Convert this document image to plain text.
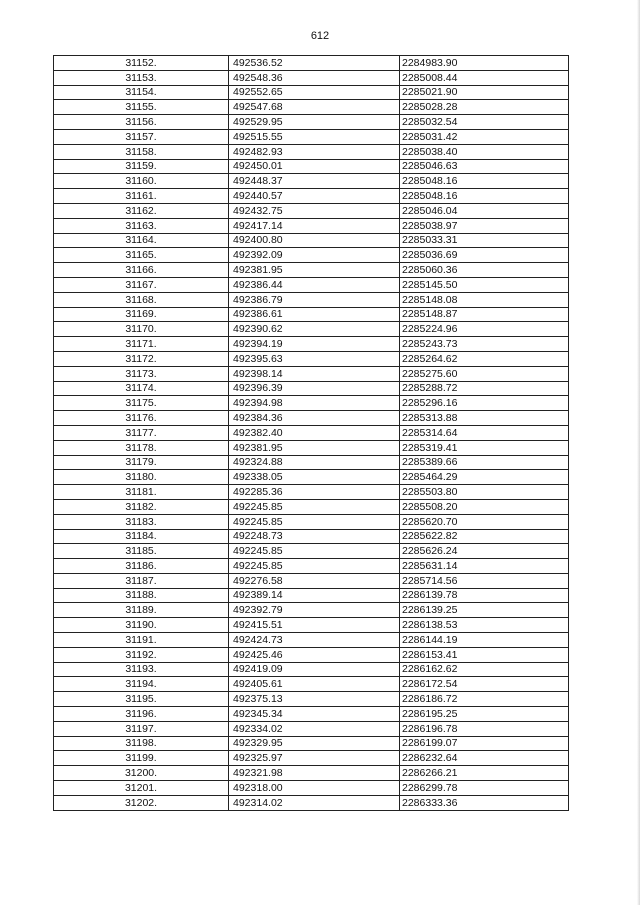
612
31152.	492536.52	2284983.90
31153.	492548.36	2285008.44
31154.	492552.65	2285021.90
31155.	492547.68	2285028.28
31156.	492529.95	2285032.54
31157.	492515.55	2285031.42
31158.	492482.93	2285038.40
31159.	492450.01	2285046.63
31160.	492448.37	2285048.16
31161.	492440.57	2285048.16
31162.	492432.75	2285046.04
31163.	492417.14	2285038.97
31164.	492400.80	2285033.31
31165.	492392.09	2285036.69
31166.	492381.95	2285060.36
31167.	492386.44	2285145.50
31168.	492386.79	2285148.08
31169.	492386.61	2285148.87
31170.	492390.62	2285224.96
31171.	492394.19	2285243.73
31172.	492395.63	2285264.62
31173.	492398.14	2285275.60
31174.	492396.39	2285288.72
31175.	492394.98	2285296.16
31176.	492384.36	2285313.88
31177.	492382.40	2285314.64
31178.	492381.95	2285319.41
31179.	492324.88	2285389.66
31180.	492338.05	2285464.29
31181.	492285.36	2285503.80
31182.	492245.85	2285508.20
31183.	492245.85	2285620.70
31184.	492248.73	2285622.82
31185.	492245.85	2285626.24
31186.	492245.85	2285631.14
31187.	492276.58	2285714.56
31188.	492389.14	2286139.78
31189.	492392.79	2286139.25
31190.	492415.51	2286138.53
31191.	492424.73	2286144.19
31192.	492425.46	2286153.41
31193.	492419.09	2286162.62
31194.	492405.61	2286172.54
31195.	492375.13	2286186.72
31196.	492345.34	2286195.25
31197.	492334.02	2286196.78
31198.	492329.95	2286199.07
31199.	492325.97	2286232.64
31200.	492321.98	2286266.21
31201.	492318.00	2286299.78
31202.	492314.02	2286333.36
